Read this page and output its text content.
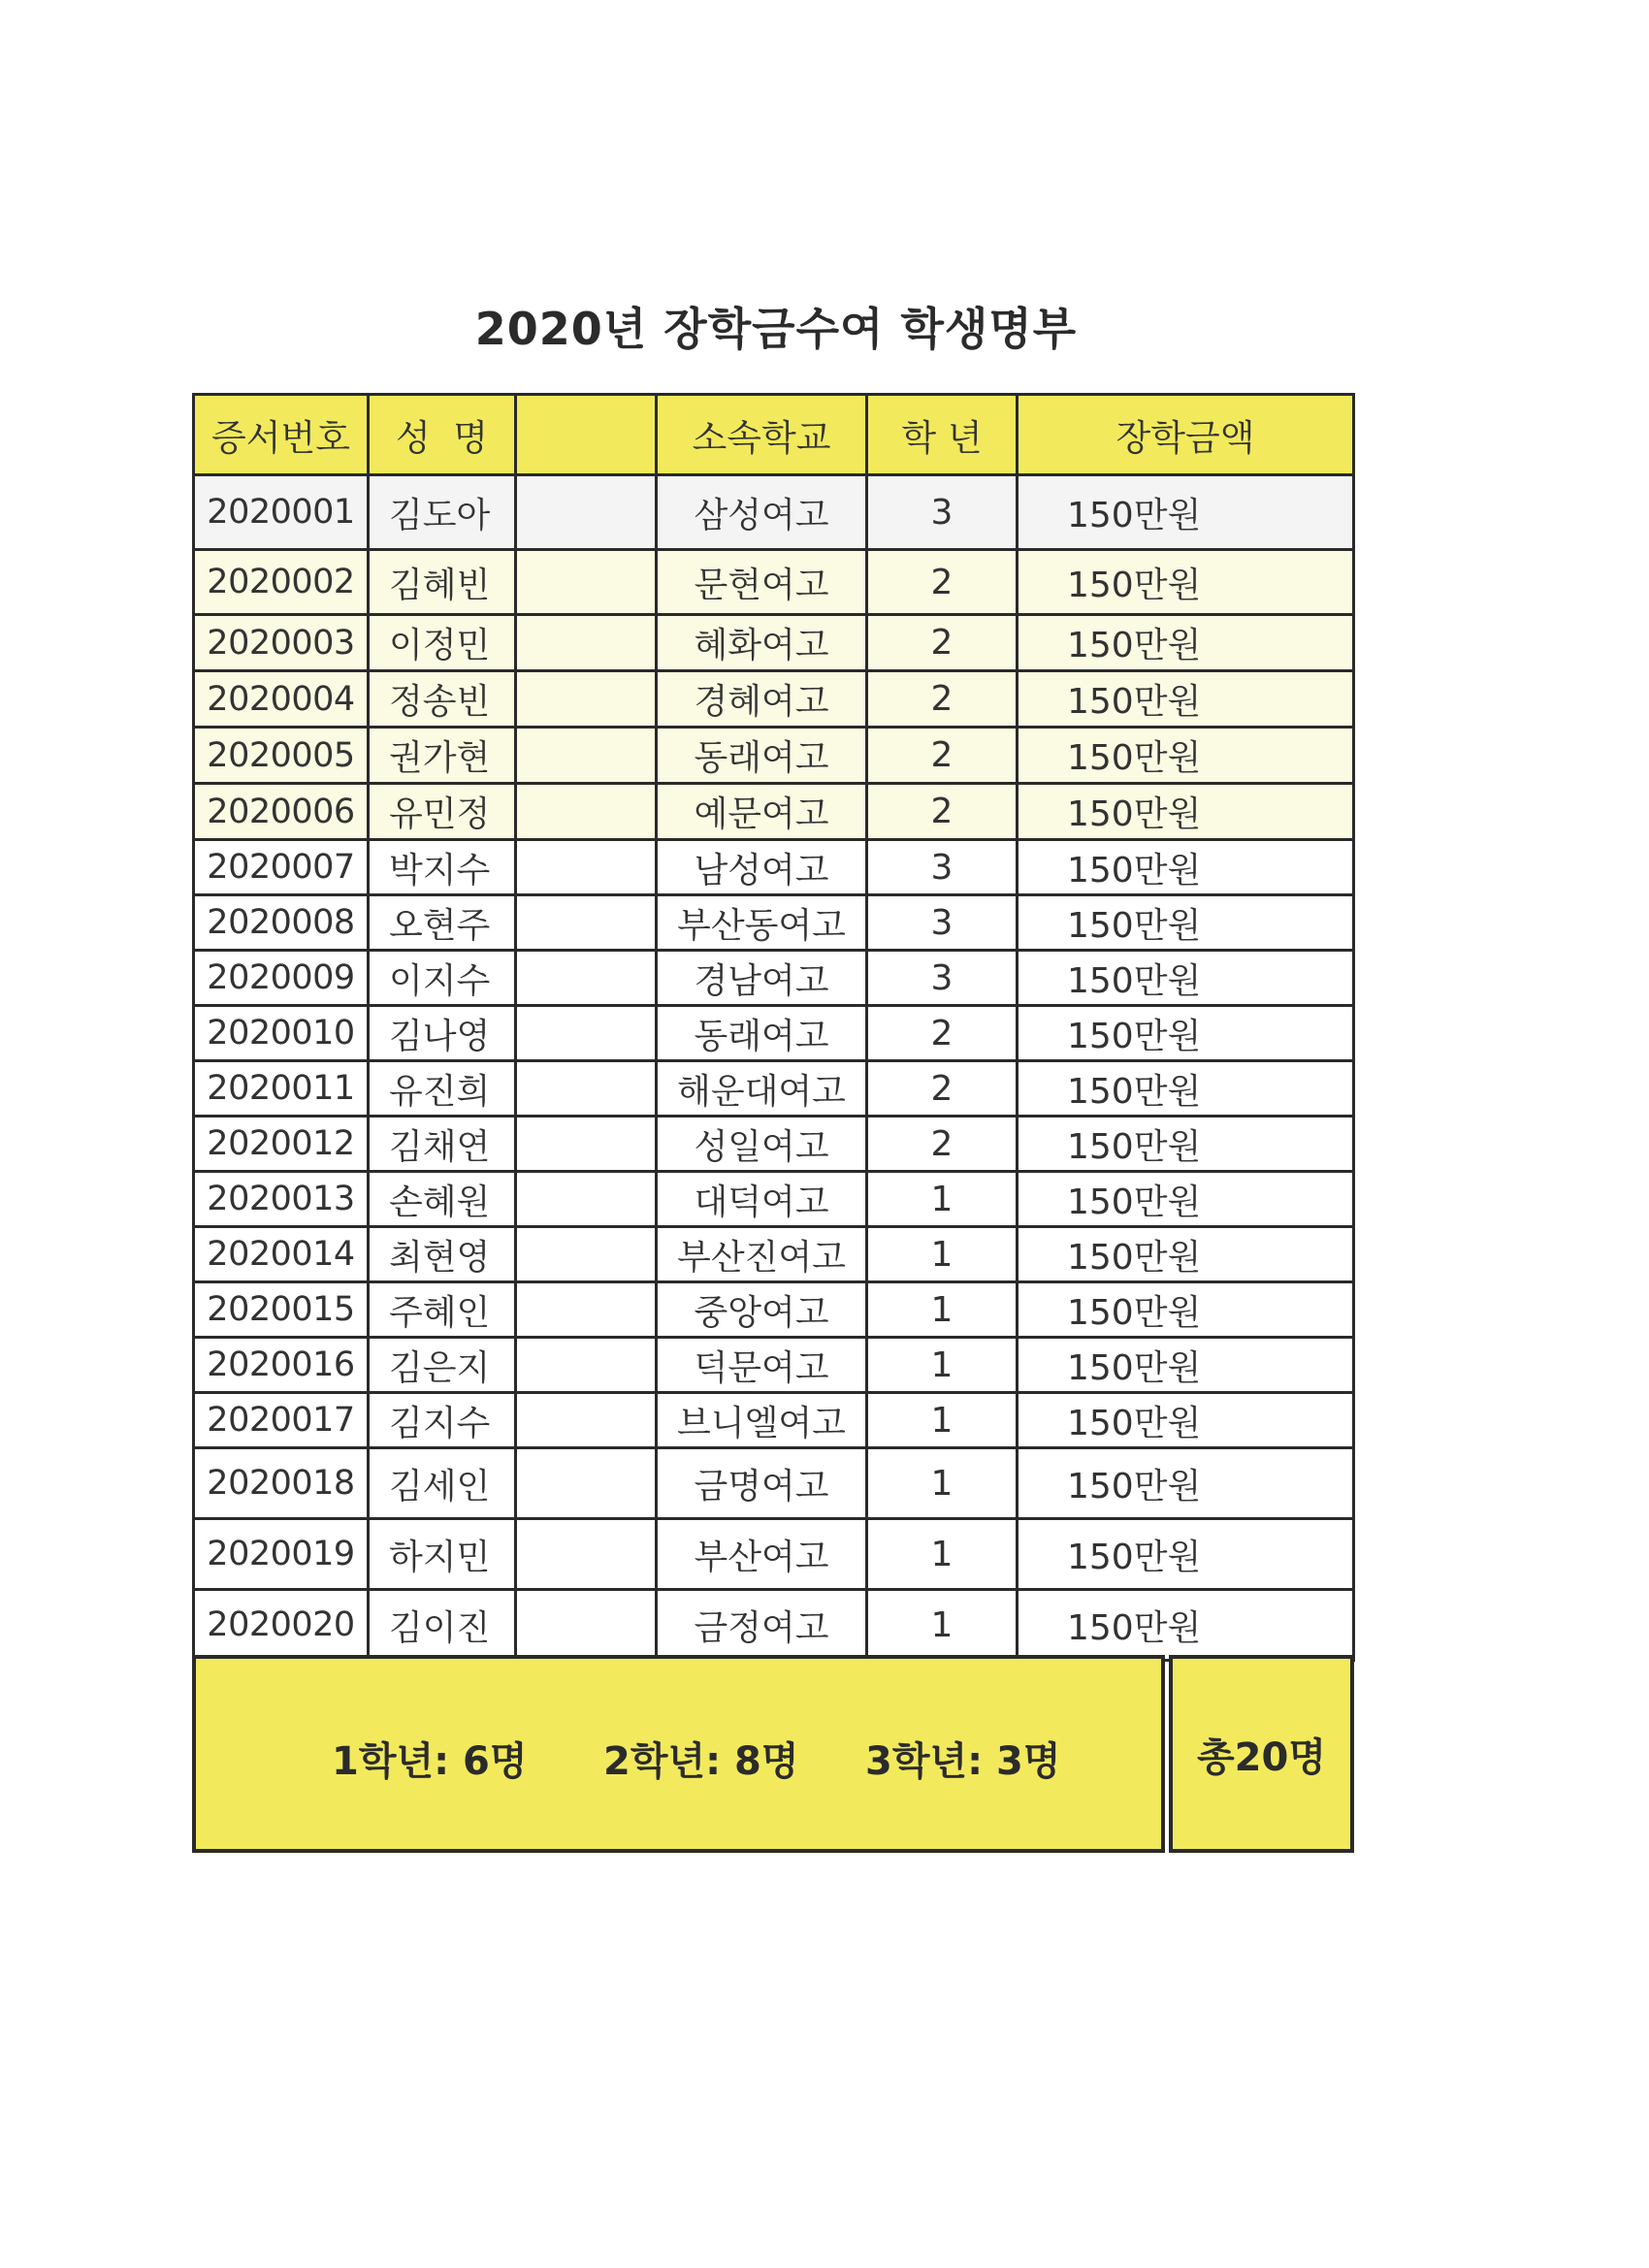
2020년 장학금수여 학생명부
증서번호	성  명		소속학교	학 년	장학금액
2020001	김도아		삼성여고	3	150만원
2020002	김혜빈		문현여고	2	150만원
2020003	이정민		혜화여고	2	150만원
2020004	정송빈		경혜여고	2	150만원
2020005	권가현		동래여고	2	150만원
2020006	유민정		예문여고	2	150만원
2020007	박지수		남성여고	3	150만원
2020008	오현주		부산동여고	3	150만원
2020009	이지수		경남여고	3	150만원
2020010	김나영		동래여고	2	150만원
2020011	유진희		해운대여고	2	150만원
2020012	김채연		성일여고	2	150만원
2020013	손혜원		대덕여고	1	150만원
2020014	최현영		부산진여고	1	150만원
2020015	주혜인		중앙여고	1	150만원
2020016	김은지		덕문여고	1	150만원
2020017	김지수		브니엘여고	1	150만원
2020018	김세인		금명여고	1	150만원
2020019	하지민		부산여고	1	150만원
2020020	김이진		금정여고	1	150만원
1학년: 6명 2학년: 8명 3학년: 3명	총20명
